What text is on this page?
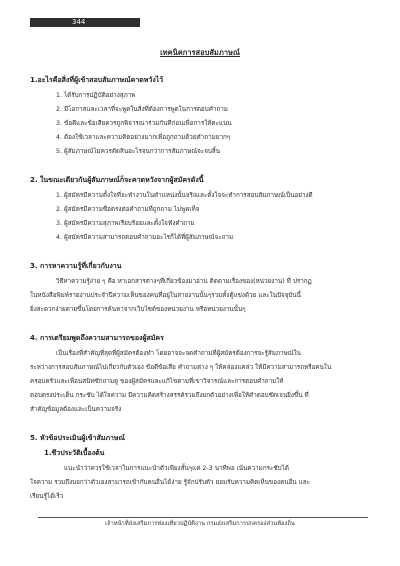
344
เทคนิคการสอบสัมภาษณ์
1.อะไรคือสิ่งที่ผู้เข้าสอบสัมภาษณ์คาดหวังไว้
1. ได้รับการปฏิบัติอย่างสุภาพ
2. มีโอกาสและเวลาที่จะพูดในสิ่งที่ต้องการพูดในการตอบคำถาม
3. ข้อดีและข้อเสียควรถูกพิจารณาร่วมกันทีก่อนเพื่อการให้คะแนน
4. ต้องใช้เวลาและความคิดอย่างมากเพื่อถูกถามด้วยคำถามยากๆ
5. ผู้สัมภาษณ์ไม่ควรตัดสินอะไรจนกว่าการสัมภาษณ์จะจบสิ้น
2. ในขณะเดียวกันผู้สัมภาษณ์ก็จะคาดหวังจากผู้สมัครดังนี้
1. ผู้สมัครมีความตั้งใจที่จะทำงานในตำแหน่งนั้นจริงและตั้งใจจะทำการสอบสัมภาษณ์เป็นอย่างดี
2. ผู้สมัครมีความซื่อตรงต่อคำถามที่ถูกถาม ไม่พูดเท็จ
3. ผู้สมัครมีความสุภาพเรียบร้อยและตั้งใจฟังคำถาม
4. ผู้สมัครมีความสามารถตอบคำถามอะไรก็ได้ที่ผู้สัมภาษณ์จะถาม
3. การหาความรู้ที่เกี่ยวกับงาน
วิธีหาความรู้ง่าย ๆ คือ หาเอกสารต่างๆที่เกี่ยวข้องมาอ่าน ติดตามเรื่องของ(หน่วยงาน) ที่ ปรากฏ
ในหนังสือพิมพ์รายงานประจำปีความเห็นของคนที่อยู่ในสายงานนั้นๆรวมทั้งตู้แข่งด้วย และในปัจจุบันนี้
ยิ่งสะดวกง่ายดายขึ้นโดยการค้นหาจากเว็บไซต์ของหน่วยงาน หรือหน่วยงานนั้นๆ
4. การเตรียมพูดถึงความสามารถของผู้สมัคร
เป็นเรื่องที่สำคัญที่สุดที่ผู้สมัครต้องทำ โดยอาจจะจดคำถามที่ผู้สมัครต้องการจะรู้สัมภาษณ์ใน
ระหว่างการสอบสัมภาษณ์ไปเกี่ยวกับตัวเอง ข้อดีข้อเสีย คำถามต่าง ๆ ให้คล่องแคล่ว ให้มีความสามารถหรือคนใน
ครอบครัวและเพื่อนสนิทซักถามดู ของผู้สมัครและแก้ไขตามที่เขาวิจารณ์และการตอบคำถามให้
ตอบตรงประเด็น กระชับ ได้ใจความ มีความคิดสร้างสรรค์รวมถึงยกตัวอย่างเพื่อให้คำตอบชัดเจนยิ่งขึ้น ที่
สำคัญข้อมูลต้องและเป็นความจริง
5. หัวข้อประเมินผู้เข้าสัมภาษณ์
1.ชีวประวัติเบื้องต้น
แนะนำว่าควรใช้เวลาในการแนะนำตัวเพียงสั้นๆแค่ 2-3 นาทีพอ เน้นความกระชับได้
ใจความ รวมถึงบอกว่าตัวเองสามารถเข้ากับคนอื่นได้ง่าย รู้จักปรับตัว ยอมรับความคิดเห็นของคนอื่น และ
เรียนรู้ได้เร็ว
เจ้าหน้าที่ส่งเสริมการท่องเที่ยวปฏิบัติงาน กรมส่งเสริมการปกครองส่วนท้องถิ่น
